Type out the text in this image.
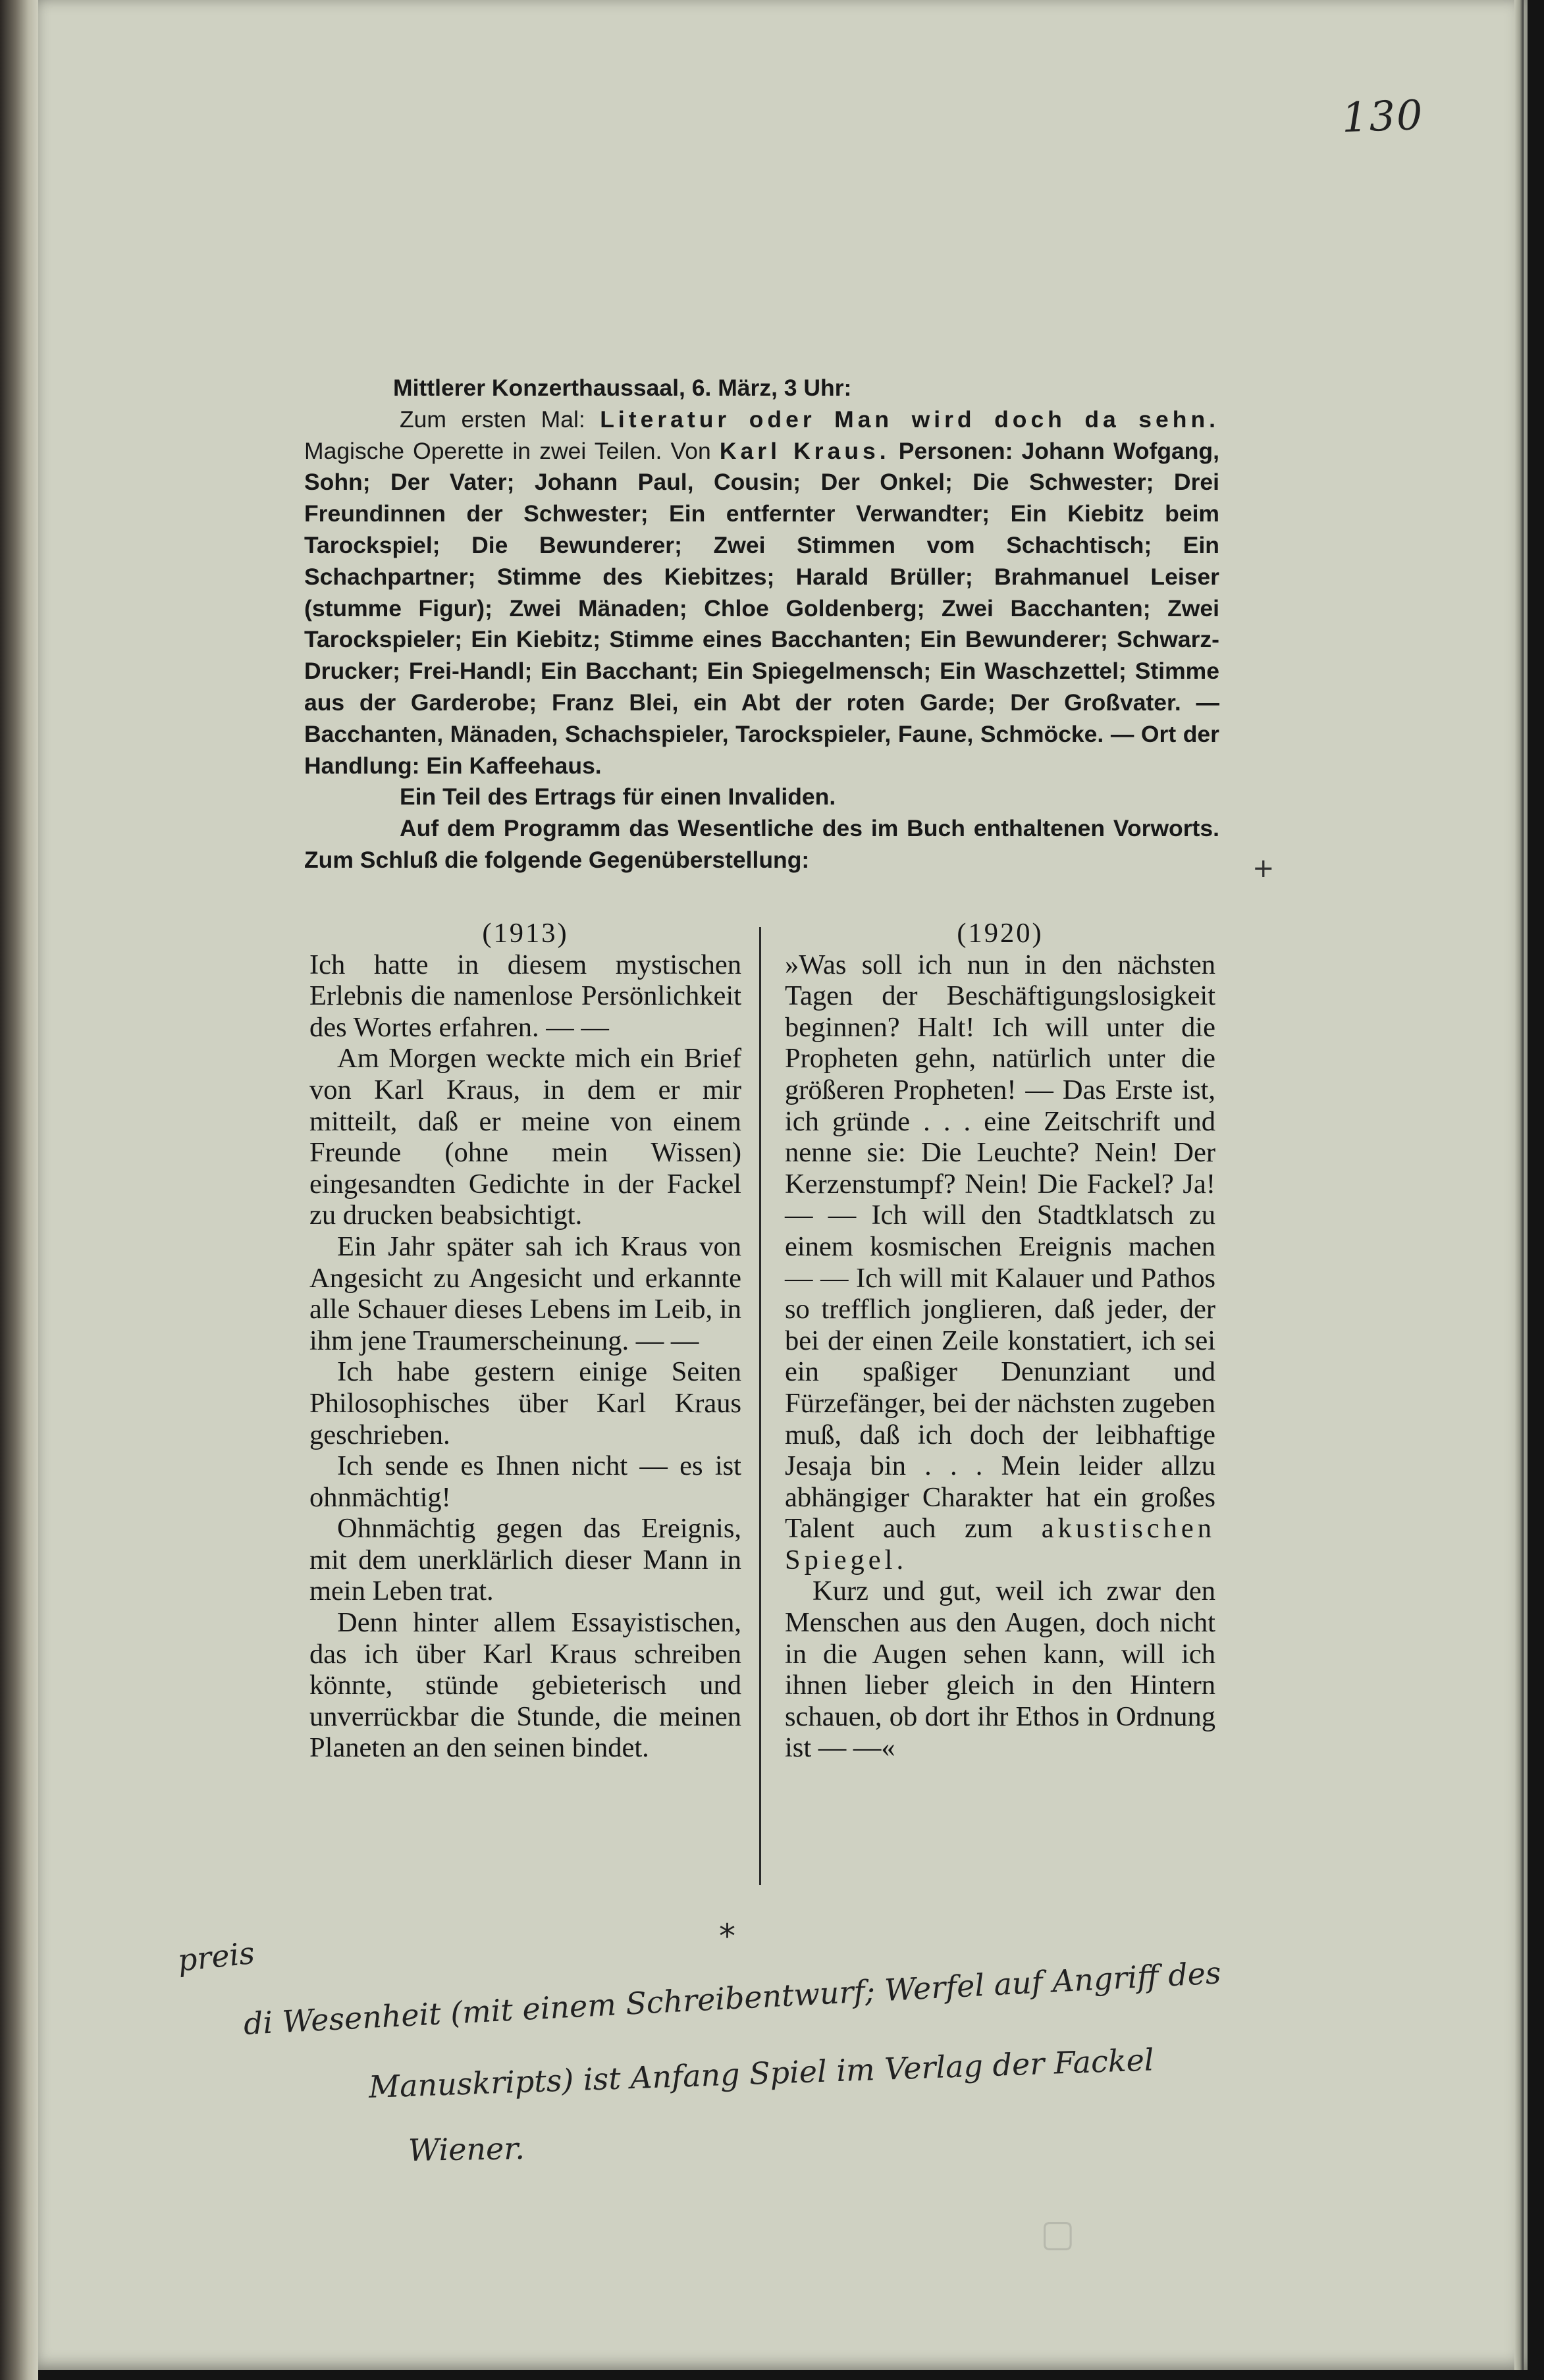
130

Mittlerer Konzerthaussaal, 6. März, 3 Uhr:

Zum ersten Mal: Literatur oder Man wird doch da sehn. Magische Operette in zwei Teilen. Von Karl Kraus. Personen: Johann Wofgang, Sohn; Der Vater; Johann Paul, Cousin; Der Onkel; Die Schwester; Drei Freundinnen der Schwester; Ein entfernter Verwandter; Ein Kiebitz beim Tarockspiel; Die Bewunderer; Zwei Stimmen vom Schachtisch; Ein Schachpartner; Stimme des Kiebitzes; Harald Brüller; Brahmanuel Leiser (stumme Figur); Zwei Mänaden; Chloe Goldenberg; Zwei Bacchanten; Zwei Tarockspieler; Ein Kiebitz; Stimme eines Bacchanten; Ein Bewunderer; Schwarz-Drucker; Frei-Handl; Ein Bacchant; Ein Spiegelmensch; Ein Waschzettel; Stimme aus der Garderobe; Franz Blei, ein Abt der roten Garde; Der Großvater. — Bacchanten, Mänaden, Schachspieler, Tarockspieler, Faune, Schmöcke. — Ort der Handlung: Ein Kaffeehaus.

Ein Teil des Ertrags für einen Invaliden.

Auf dem Programm das Wesentliche des im Buch enthaltenen Vorworts. Zum Schluß die folgende Gegenüberstellung:	+
(1913)

Ich hatte in diesem mystischen Erlebnis die namenlose Persönlichkeit des Wortes erfahren. — —

Am Morgen weckte mich ein Brief von Karl Kraus, in dem er mir mitteilt, daß er meine von einem Freunde (ohne mein Wissen) eingesandten Gedichte in der Fackel zu drucken beabsichtigt.

Ein Jahr später sah ich Kraus von Angesicht zu Angesicht und erkannte alle Schauer dieses Lebens im Leib, in ihm jene Traumerscheinung. — —

Ich habe gestern einige Seiten Philosophisches über Karl Kraus geschrieben.

Ich sende es Ihnen nicht — es ist ohnmächtig!

Ohnmächtig gegen das Ereignis, mit dem unerklärlich dieser Mann in mein Leben trat.

Denn hinter allem Essayistischen, das ich über Karl Kraus schreiben könnte, stünde gebieterisch und unverrückbar die Stunde, die meinen Planeten an den seinen bindet.

(1920)

»Was soll ich nun in den nächsten Tagen der Beschäftigungslosigkeit beginnen? Halt! Ich will unter die Propheten gehn, natürlich unter die größeren Propheten! — Das Erste ist, ich gründe . . . eine Zeitschrift und nenne sie: Die Leuchte? Nein! Der Kerzenstumpf? Nein! Die Fackel? Ja! — — Ich will den Stadtklatsch zu einem kosmischen Ereignis machen — — Ich will mit Kalauer und Pathos so trefflich jonglieren, daß jeder, der bei der einen Zeile konstatiert, ich sei ein spaßiger Denunziant und Fürzefänger, bei der nächsten zugeben muß, daß ich doch der leibhaftige Jesaja bin . . . Mein leider allzu abhängiger Charakter hat ein großes Talent auch zum akustischen Spiegel.

Kurz und gut, weil ich zwar den Menschen aus den Augen, doch nicht in die Augen sehen kann, will ich ihnen lieber gleich in den Hintern schauen, ob dort ihr Ethos in Ordnung ist — —«

*
preis
di Wesenheit (mit einem Schreibentwurf; Werfel auf Angriff des
Manuskripts) ist Anfang Spiel im Verlag der Fackel
Wiener.
▢
